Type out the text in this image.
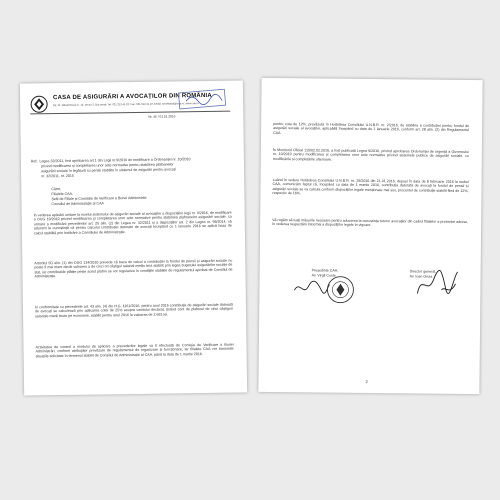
CASA DE ASIGURĂRI A AVOCAȚILOR DIN ROMÂNIA
Str. Dr. Mihail Ghica nr. 12, sector 2, București; Tel: 021.312.41.22; Fax: 021.312.41.19; Email: secretariat@caa.ro; www.caa.ro
Nr. 46 / 01.01.2016
Ref.: Legea 32/2011, fost apolicarea art.1 din Legii nr.9/2016 de modificare a Ordonanței nr. 10/2010
privind modificarea și completarea unor acte normative pentru stabilirea plafoanelor
asigurării sociale în legătură cu pensii stabilite în sistemul de asigurări pentru avocați
nr. 32/2011, nr. 2015
Către,
Filialele CAA,
Șefii de Filiale și Comisiile de Verificare a Bunei Administrări
Consiliul de Administrație al CAA
În vederea aplicării unitare la nivelul sistemului de asigurări sociale al avocaților a dispozițiilor legii nr. 9/2016, de modificare a OUG 10/2010 privind modificarea și completarea unor acte normative pentru stabilirea plafoanelor asigurării sociale, ca urmare a modificării prevederilor art. 25 alin. (2) din Legea nr. 32/2011 și a dispozițiilor art. 2 din Legea nr. 98/2014, vă aducem la cunoștință că pentru calculul contribuției datorate de avocați începând cu 1 ianuarie 2016 se aplică baza de calcul stabilită prin hotărâre a Consiliului de Administrație.
Articolul 5D alin. (1) din OUG 134/2010 prevede că baza de calcul a contribuției la fondul de pensii și asigurări sociale nu poate fi mai mare decât valoarea a de cinci ori câștigul salarial mediu brut stabilit prin legea bugetului asigurărilor sociale de stat, iar contribuțiile plătite peste acest plafon se vor regulariza în condițiile stabilite de regulamentul aprobat de Consiliul de Administrație.
În conformitate cu prevederile art. 43 alin. (4) din H.G. 1161/2016, pentru anul 2016 contribuția de asigurări sociale datorată de avocați se calculează prin aplicarea cotei de 25% asupra venitului declarat, ținând cont de plafonul de cinci câștiguri salariale medii brute pe economie, stabilit pentru anul 2016 la valoarea de 2.681 lei.
Activitatea de control a modului de aplicare a prevederilor legale va fi efectuată de Comisia de Verificare a Bunei Administrări, conform atribuțiilor prevăzute de regulamentul de organizare și funcționare, iar filialele CAA vor transmite situațiile solicitate în termenul stabilit de Consiliul de Administrație al CAA, până la data de 1 martie 2016.
pentru cota de 12%, prevăzută în Hotărârea Consiliului U.N.B.R. nr. 2/2016, de stabilire a contribuției pentru fondul de asigurări sociale al avocaților, aplicabilă începând cu data de 1 ianuarie 2016, conform art. 28 alin. (2) din Regulamentul CAA.
În Monitorul Oficial 115/02.02.2016, a fost publicată Legea 9/2016, privind aprobarea Ordonanței de urgență a Guvernului nr. 10/2010 pentru modificarea și completarea unor acte normative privind sistemele publice de asigurări sociale, cu modificările și completările ulterioare.
Luând în vedere Hotărârea Consiliului U.N.B.R. nr. 25/2016 din 21.01.2016, depuși în data de 8 februarie 2016 la sediul CAA, comunicăm faptul că, începând cu data de 1 martie 2016, contribuția datorată de avocați la fondul de pensii și asigurări sociale se va calcula conform dispozițiilor legale menționate mai sus, procentul de contribuție stabilit fiind de 12%, respectiv de 16%.
Vă rugăm să luați măsurile necesare pentru aducerea la cunoștința tuturor avocaților din cadrul filialelor a prezentei adrese, în vederea respectării întocmai a dispozițiilor legale în vigoare.
Președinte CAA,
Av. Virgil Coste
Director general,
Av. Ioan Gruia
2
